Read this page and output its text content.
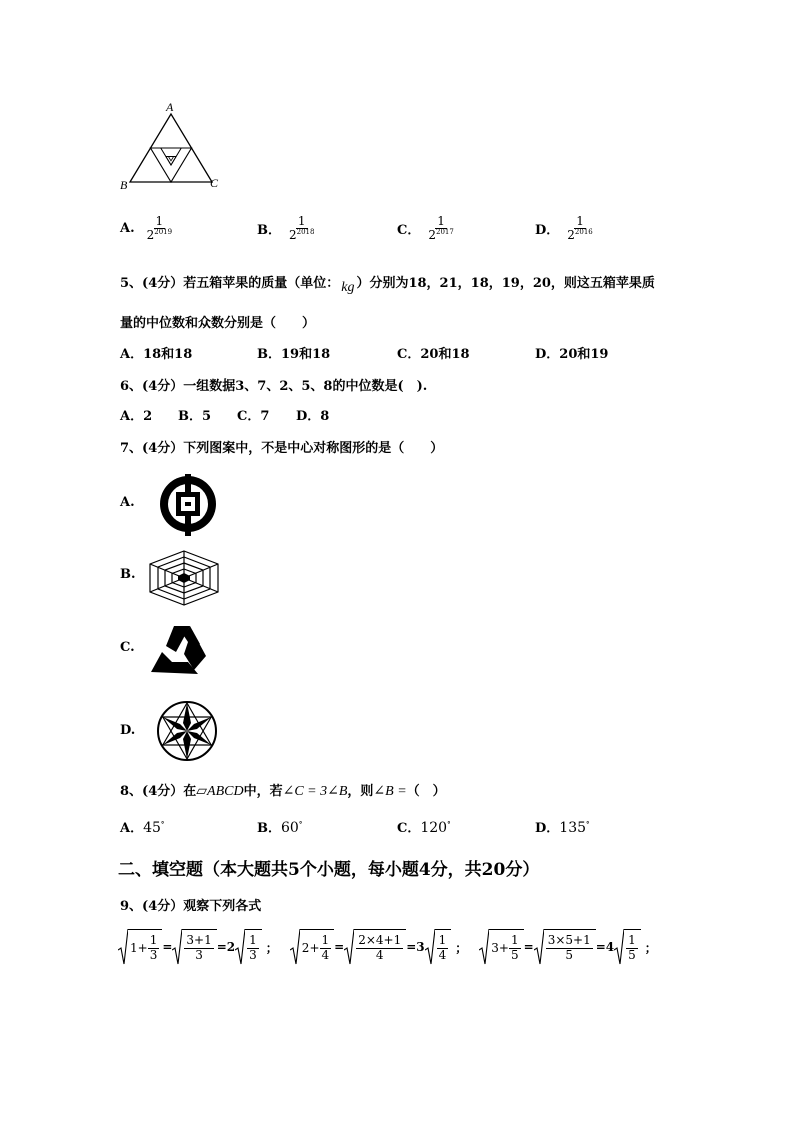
A
B	C
A. $\frac{1}{2^{2019}}$	B． $\frac{1}{2^{2018}}$	C． $\frac{1}{2^{2017}}$	D． $\frac{1}{2^{2016}}$
5、(4分）若五箱苹果的质量（单位： kg ）分别为18，21，18，19，20，则这五箱苹果质
量的中位数和众数分别是（　　）
A．18和18	B．19和18	C．20和18	D．20和19
6、(4分）一组数据3、7、2、5、8的中位数是(　).
A．2 B．5 C．7 D．8
7、(4分）下列图案中，不是中心对称图形的是（　　）
A.
B.
C.
D.
8、(4分）在▱ABCD中，若∠C = 3∠B，则∠B =（　）
A．45°	B．60°	C．120°	D．135°
二、填空题（本大题共5个小题，每小题4分，共20分）
9、(4分）观察下列各式
1 +
1
3
=
3+1
3
=2
1
3 ； 2 +
1
4
=
2×4+1
4
=3
1
4 ； 3 +
1
5
=
3×5+1
5
=4
1
5 ；
